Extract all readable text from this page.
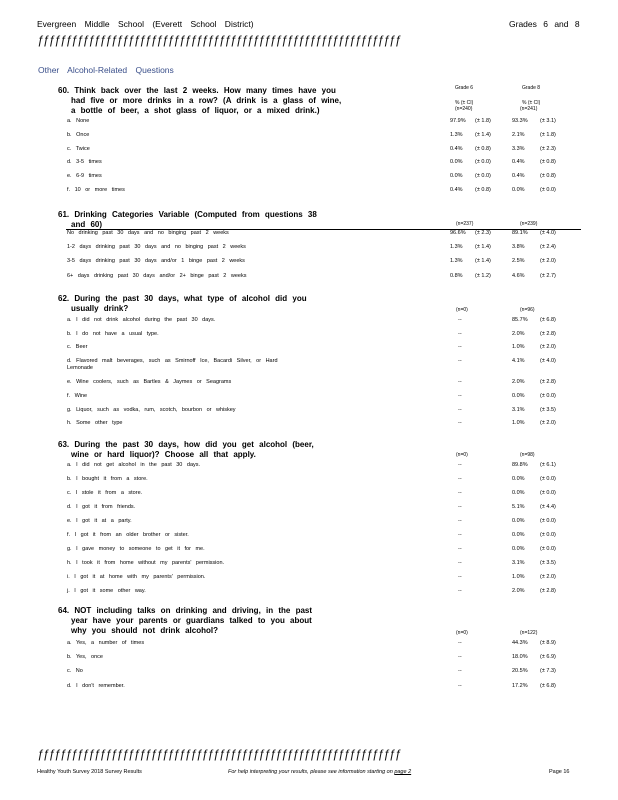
Evergreen Middle School (Everett School District)	Grades 6 and 8
ƒƒƒƒƒƒƒƒƒƒƒƒƒƒƒƒƒƒƒƒƒƒƒƒƒƒƒƒƒƒƒƒƒƒƒƒƒƒƒƒƒƒƒƒƒƒƒƒƒƒƒƒƒƒƒƒƒƒƒƒƒƒƒƒ
Other Alcohol-Related Questions
Grade 6	Grade 8
% (± CI)	% (± CI)
(n=240)	(n=241)
60. Think back over the last 2 weeks. How many times have you
had five or more drinks in a row? (A drink is a glass of wine,
a bottle of beer, a shot glass of liquor, or a mixed drink.)
a. None	97.9% (± 1.8)	93.3% (± 3.1)
b. Once	1.3% (± 1.4)	2.1%	(± 1.8)
c. Twice	0.4% (± 0.8)	3.3%	(± 2.3)
d. 3-5 times	0.0% (± 0.0)	0.4%	(± 0.8)
e. 6-9 times	0.0% (± 0.0)	0.4%	(± 0.8)
f. 10 or more times	0.4% (± 0.8)	0.0%	(± 0.0)
61. Drinking Categories Variable (Computed from questions 38
and 60)	(n=237)	(n=239)
No drinking past 30 days and no binging past 2 weeks	96.6% (± 2.3)	89.1% (± 4.0)
1-2 days drinking past 30 days and no binging past 2 weeks	1.3% (± 1.4)	3.8%	(± 2.4)
3-5 days drinking past 30 days and/or 1 binge past 2 weeks	1.3% (± 1.4)	2.5%	(± 2.0)
6+ days drinking past 30 days and/or 2+ binge past 2 weeks	0.8% (± 1.2)	4.6%	(± 2.7)
62. During the past 30 days, what type of alcohol did you
usually drink?	(n=0)	(n=96)
a. I did not drink alcohol during the past 30 days.	--	85.7% (± 6.8)
b. I do not have a usual type.	--	2.0%	(± 2.8)
c. Beer	--	1.0%	(± 2.0)
d. Flavored malt beverages, such as Smirnoff Ice, Bacardi Silver, or Hard
Lemonade
--	4.1%	(± 4.0)
e. Wine coolers, such as Bartles & Jaymes or Seagrams	--	2.0%	(± 2.8)
f. Wine	--	0.0%	(± 0.0)
g. Liquor, such as vodka, rum, scotch, bourbon or whiskey	--	3.1%	(± 3.5)
h. Some other type	--	1.0%	(± 2.0)
63. During the past 30 days, how did you get alcohol (beer,
wine or hard liquor)? Choose all that apply.	(n=0)	(n=98)
a. I did not get alcohol in the past 30 days.	--	89.8% (± 6.1)
b. I bought it from a store.	--	0.0%	(± 0.0)
c. I stole it from a store.	--	0.0%	(± 0.0)
d. I got it from friends.	--	5.1%	(± 4.4)
e. I got it at a party.	--	0.0%	(± 0.0)
f. I got it from an older brother or sister.	--	0.0%	(± 0.0)
g. I gave money to someone to get it for me.	--	0.0%	(± 0.0)
h. I took it from home without my parents' permission.	--	3.1%	(± 3.5)
i. I got it at home with my parents' permission.	--	1.0%	(± 2.0)
j. I got it some other way.	--	2.0%	(± 2.8)
64. NOT including talks on drinking and driving, in the past
year have your parents or guardians talked to you about
why you should not drink alcohol?	(n=0)	(n=122)
a. Yes, a number of times	--	44.3% (± 8.9)
b. Yes, once	--	18.0% (± 6.9)
c. No	--	20.5% (± 7.3)
d. I don't remember.	--	17.2% (± 6.8)
ƒƒƒƒƒƒƒƒƒƒƒƒƒƒƒƒƒƒƒƒƒƒƒƒƒƒƒƒƒƒƒƒƒƒƒƒƒƒƒƒƒƒƒƒƒƒƒƒƒƒƒƒƒƒƒƒƒƒƒƒƒƒƒƒ
Healthy Youth Survey 2018 Survey Results	For help interpreting your results, please see information starting on page 2	Page 16
